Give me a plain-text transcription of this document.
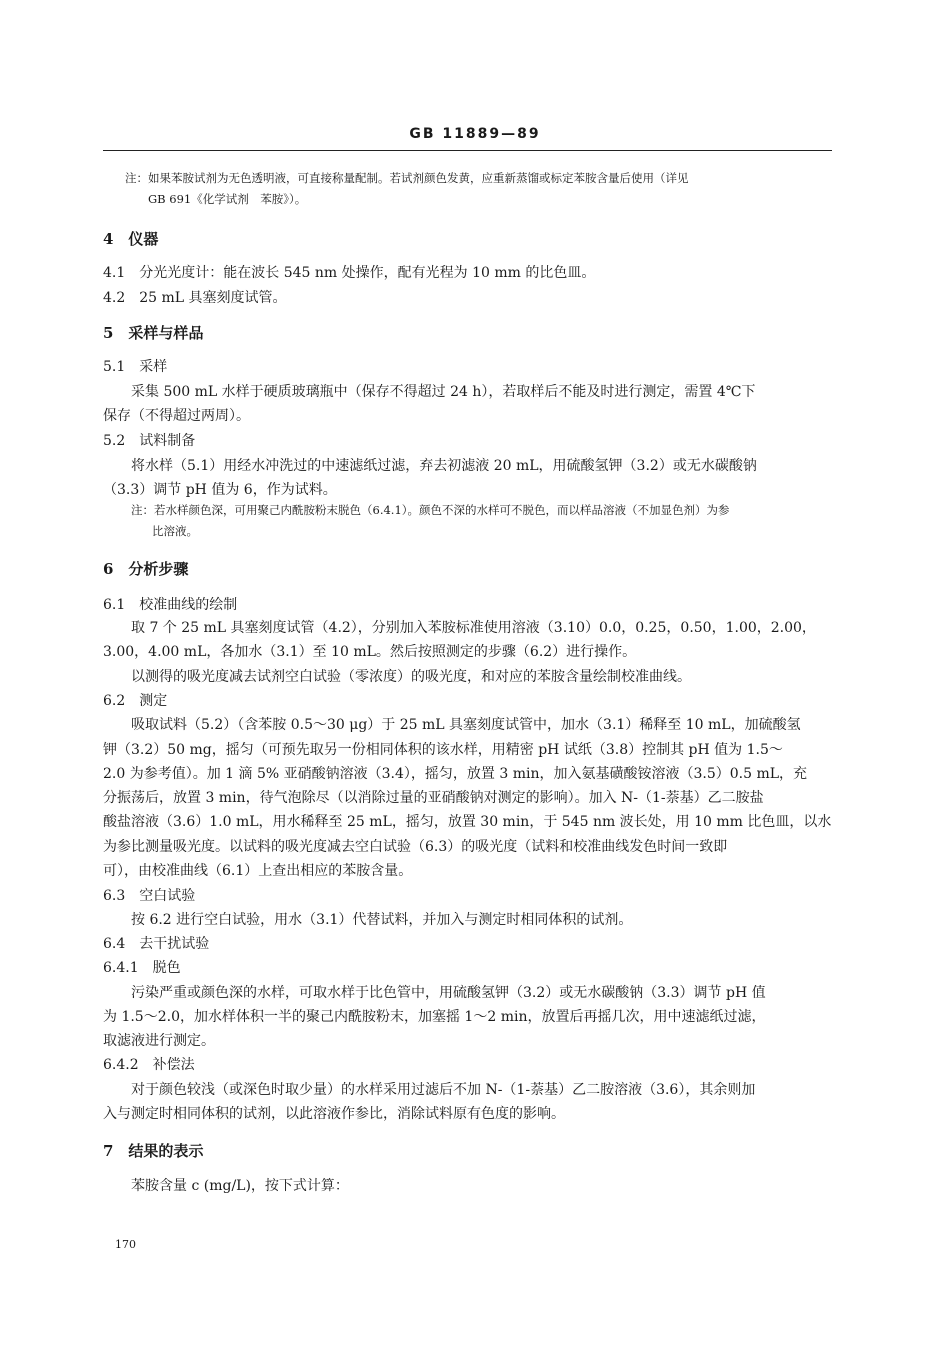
GB 11889—89
注：如果苯胺试剂为无色透明液，可直接称量配制。若试剂颜色发黄，应重新蒸馏或标定苯胺含量后使用（详见
GB 691《化学试剂　苯胺》）。
4　仪器
4.1　分光光度计：能在波长 545 nm 处操作，配有光程为 10 mm 的比色皿。
4.2　25 mL 具塞刻度试管。
5　采样与样品
5.1　采样
采集 500 mL 水样于硬质玻璃瓶中（保存不得超过 24 h），若取样后不能及时进行测定，需置 4℃下
保存（不得超过两周）。
5.2　试料制备
将水样（5.1）用经水冲洗过的中速滤纸过滤，弃去初滤液 20 mL，用硫酸氢钾（3.2）或无水碳酸钠
（3.3）调节 pH 值为 6，作为试料。
注：若水样颜色深，可用聚己内酰胺粉末脱色（6.4.1）。颜色不深的水样可不脱色，而以样品溶液（不加显色剂）为参
比溶液。
6　分析步骤
6.1　校准曲线的绘制
取 7 个 25 mL 具塞刻度试管（4.2），分别加入苯胺标准使用溶液（3.10）0.0，0.25，0.50，1.00，2.00，
3.00，4.00 mL，各加水（3.1）至 10 mL。然后按照测定的步骤（6.2）进行操作。
以测得的吸光度减去试剂空白试验（零浓度）的吸光度，和对应的苯胺含量绘制校准曲线。
6.2　测定
吸取试料（5.2）（含苯胺 0.5～30 μg）于 25 mL 具塞刻度试管中，加水（3.1）稀释至 10 mL，加硫酸氢
钾（3.2）50 mg，摇匀（可预先取另一份相同体积的该水样，用精密 pH 试纸（3.8）控制其 pH 值为 1.5～
2.0 为参考值）。加 1 滴 5% 亚硝酸钠溶液（3.4），摇匀，放置 3 min，加入氨基磺酸铵溶液（3.5）0.5 mL，充
分振荡后，放置 3 min，待气泡除尽（以消除过量的亚硝酸钠对测定的影响）。加入 N-（1-萘基）乙二胺盐
酸盐溶液（3.6）1.0 mL，用水稀释至 25 mL，摇匀，放置 30 min，于 545 nm 波长处，用 10 mm 比色皿，以水
为参比测量吸光度。以试料的吸光度减去空白试验（6.3）的吸光度（试料和校准曲线发色时间一致即
可），由校准曲线（6.1）上查出相应的苯胺含量。
6.3　空白试验
按 6.2 进行空白试验，用水（3.1）代替试料，并加入与测定时相同体积的试剂。
6.4　去干扰试验
6.4.1　脱色
污染严重或颜色深的水样，可取水样于比色管中，用硫酸氢钾（3.2）或无水碳酸钠（3.3）调节 pH 值
为 1.5～2.0，加水样体积一半的聚己内酰胺粉末，加塞摇 1～2 min，放置后再摇几次，用中速滤纸过滤，
取滤液进行测定。
6.4.2　补偿法
对于颜色较浅（或深色时取少量）的水样采用过滤后不加 N-（1-萘基）乙二胺溶液（3.6），其余则加
入与测定时相同体积的试剂，以此溶液作参比，消除试料原有色度的影响。
7　结果的表示
苯胺含量 c (mg/L)，按下式计算：
170
